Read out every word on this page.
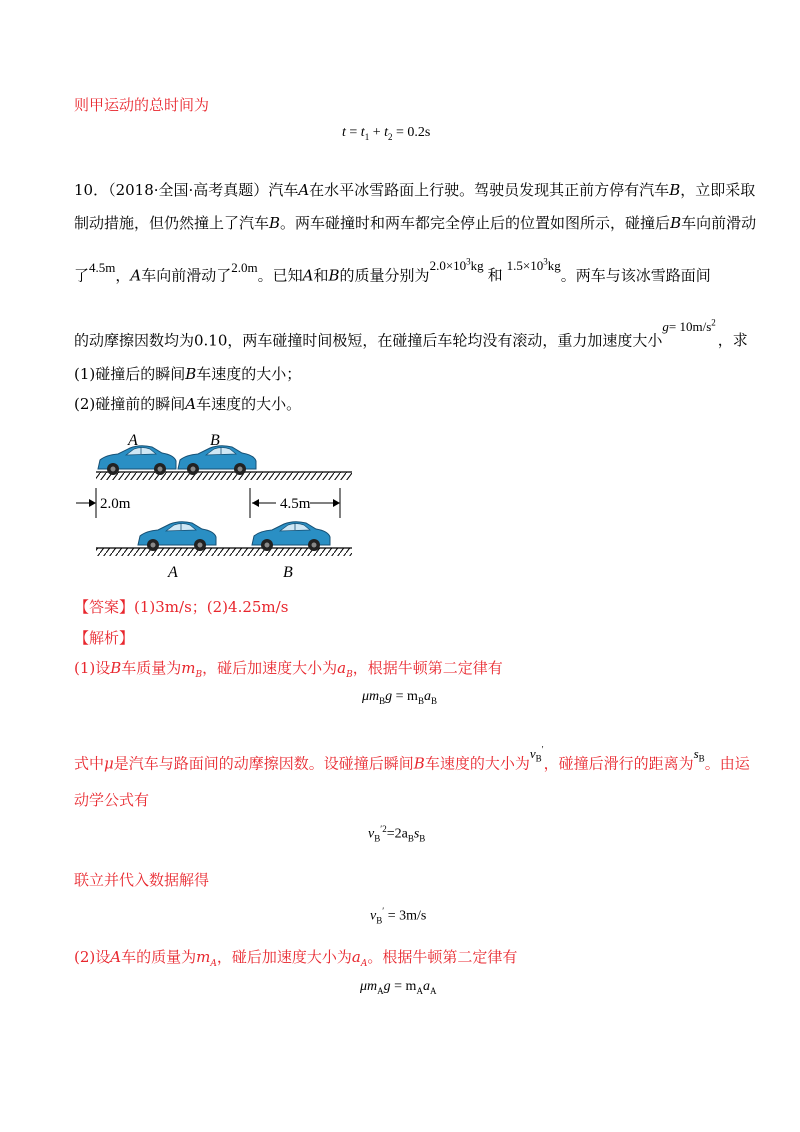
则甲运动的总时间为
$t = t_1 + t_2 = 0.2s$
10．（2018·全国·高考真题）汽车A在水平冰雪路面上行驶。驾驶员发现其正前方停有汽车B，立即采取
制动措施，但仍然撞上了汽车B。两车碰撞时和两车都完全停止后的位置如图所示，碰撞后B车向前滑动
了4.5m，A车向前滑动了2.0m。已知A和B的质量分别为$2.0\times 10^3kg$和$1.5\times 10^3kg$。两车与该冰雪路面间
的动摩擦因数均为0.10，两车碰撞时间极短，在碰撞后车轮均没有滚动，重力加速度大小$g= 10m/s^2$，求
(1)碰撞后的瞬间B车速度的大小；
(2)碰撞前的瞬间A车速度的大小。
A	B
2.0m	4.5m
A	B
【答案】(1)3m/s；(2)4.25m/s
【解析】
(1)设B车质量为$m_B$，碰后加速度大小为$a_B$，根据牛顿第二定律有
$\mu m_Bg = m_Ba_B$
式中μ是汽车与路面间的动摩擦因数。设碰撞后瞬间B车速度的大小为$v_B'$，碰撞后滑行的距离为$s_B$。由运
动学公式有
$v_B^{'2}=2a_Bs_B$
联立并代入数据解得
$v_B' = 3m/s$
(2)设A车的质量为$m_A$，碰后加速度大小为$a_A$。根据牛顿第二定律有
$\mu m_Ag = m_Aa_A$
